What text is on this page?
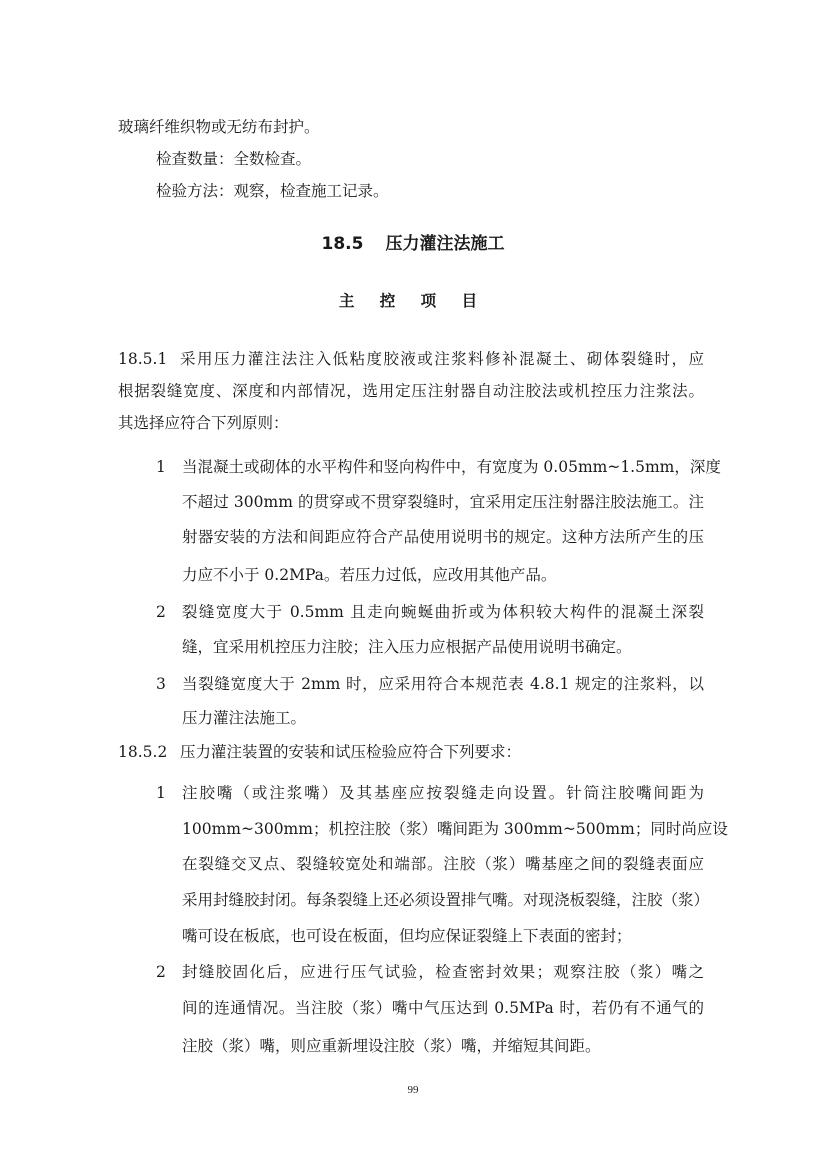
玻璃纤维织物或无纺布封护。
检查数量：全数检查。
检验方法：观察，检查施工记录。
18.5 压力灌注法施工
主 控 项 目
18.5.1 采用压力灌注法注入低粘度胶液或注浆料修补混凝土、砌体裂缝时，应
根据裂缝宽度、深度和内部情况，选用定压注射器自动注胶法或机控压力注浆法。
其选择应符合下列原则：
1 当混凝土或砌体的水平构件和竖向构件中，有宽度为 0.05mm~1.5mm，深度
不超过 300mm 的贯穿或不贯穿裂缝时，宜采用定压注射器注胶法施工。注
射器安装的方法和间距应符合产品使用说明书的规定。这种方法所产生的压
力应不小于 0.2MPa。若压力过低，应改用其他产品。
2 裂缝宽度大于 0.5mm 且走向蜿蜒曲折或为体积较大构件的混凝土深裂
缝，宜采用机控压力注胶；注入压力应根据产品使用说明书确定。
3 当裂缝宽度大于 2mm 时，应采用符合本规范表 4.8.1 规定的注浆料，以
压力灌注法施工。
18.5.2 压力灌注装置的安装和试压检验应符合下列要求：
1 注胶嘴（或注浆嘴）及其基座应按裂缝走向设置。针筒注胶嘴间距为
100mm~300mm；机控注胶（浆）嘴间距为 300mm~500mm；同时尚应设
在裂缝交叉点、裂缝较宽处和端部。注胶（浆）嘴基座之间的裂缝表面应
采用封缝胶封闭。每条裂缝上还必须设置排气嘴。对现浇板裂缝，注胶（浆）
嘴可设在板底，也可设在板面，但均应保证裂缝上下表面的密封；
2 封缝胶固化后，应进行压气试验，检查密封效果；观察注胶（浆）嘴之
间的连通情况。当注胶（浆）嘴中气压达到 0.5MPa 时，若仍有不通气的
注胶（浆）嘴，则应重新埋设注胶（浆）嘴，并缩短其间距。
99
